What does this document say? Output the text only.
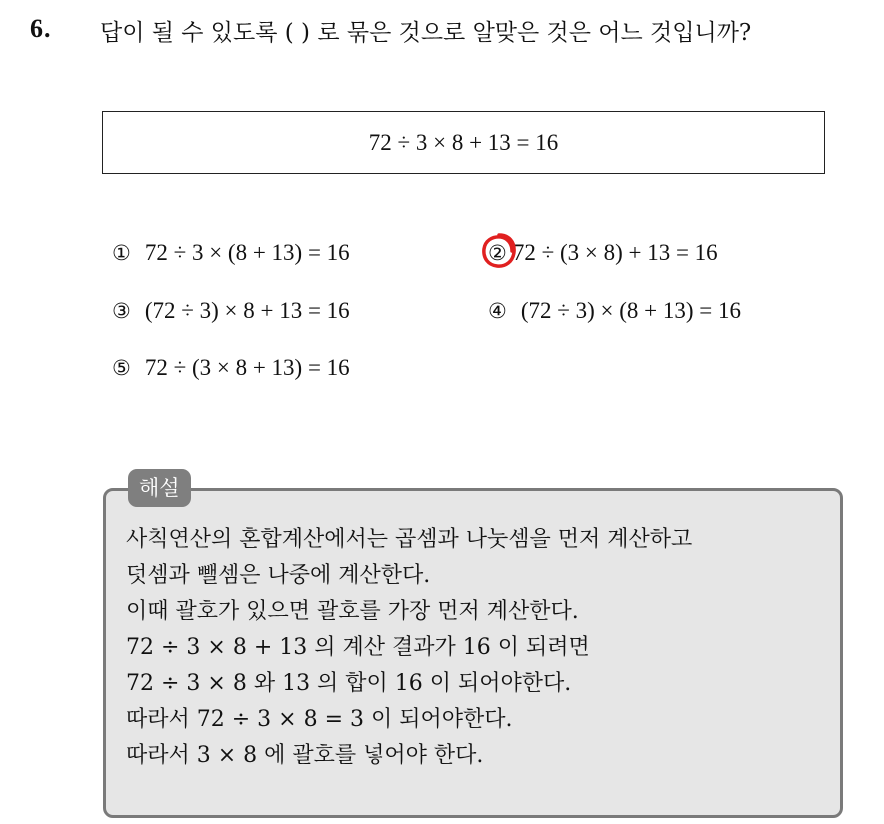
6. 답이 될 수 있도록 ( ) 로 묶은 것으로 알맞은 것은 어느 것입니까?
72 ÷ 3 × 8 + 13 = 16
① 72 ÷ 3 × (8 + 13) = 16	② 72 ÷ (3 × 8) + 13 = 16
③ (72 ÷ 3) × 8 + 13 = 16	④ (72 ÷ 3) × (8 + 13) = 16
⑤ 72 ÷ (3 × 8 + 13) = 16
해설
사칙연산의 혼합계산에서는 곱셈과 나눗셈을 먼저 계산하고
덧셈과 뺄셈은 나중에 계산한다.
이때 괄호가 있으면 괄호를 가장 먼저 계산한다.
72 ÷ 3 × 8 + 13 의 계산 결과가 16 이 되려면
72 ÷ 3 × 8 와 13 의 합이 16 이 되어야한다.
따라서 72 ÷ 3 × 8 = 3 이 되어야한다.
따라서 3 × 8 에 괄호를 넣어야 한다.
